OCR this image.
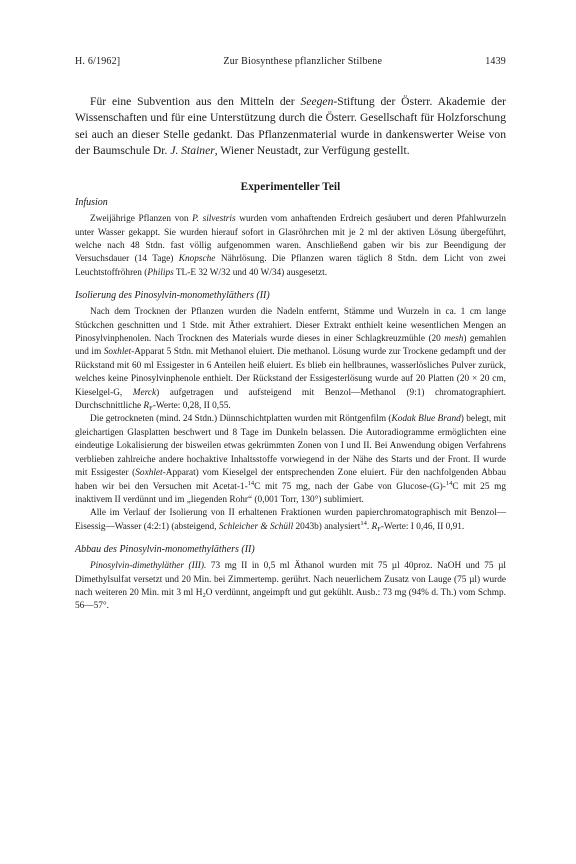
H. 6/1962]	Zur Biosynthese pflanzlicher Stilbene	1439

Für eine Subvention aus den Mitteln der Seegen-Stiftung der Österr. Akademie der Wissenschaften und für eine Unterstützung durch die Österr. Gesellschaft für Holzforschung sei auch an dieser Stelle gedankt. Das Pflanzenmaterial wurde in dankenswerter Weise von der Baumschule Dr. J. Stainer, Wiener Neustadt, zur Verfügung gestellt.

Experimenteller Teil
Infusion

Zweijährige Pflanzen von P. silvestris wurden vom anhaftenden Erdreich gesäubert und deren Pfahlwurzeln unter Wasser gekappt. Sie wurden hierauf sofort in Glasröhrchen mit je 2 ml der aktiven Lösung übergeführt, welche nach 48 Stdn. fast völlig aufgenommen waren. Anschließend gaben wir bis zur Beendigung der Versuchsdauer (14 Tage) Knopsche Nährlösung. Die Pflanzen waren täglich 8 Stdn. dem Licht von zwei Leuchtstoffröhren (Philips TL-E 32 W/32 und 40 W/34) ausgesetzt.

Isolierung des Pinosylvin-monomethyläthers (II)

Nach dem Trocknen der Pflanzen wurden die Nadeln entfernt, Stämme und Wurzeln in ca. 1 cm lange Stückchen geschnitten und 1 Stde. mit Äther extrahiert. Dieser Extrakt enthielt keine wesentlichen Mengen an Pinosylvinphenolen. Nach Trocknen des Materials wurde dieses in einer Schlagkreuzmühle (20 mesh) gemahlen und im Soxhlet-Apparat 5 Stdn. mit Methanol eluiert. Die methanol. Lösung wurde zur Trockene gedampft und der Rückstand mit 60 ml Essigester in 6 Anteilen heiß eluiert. Es blieb ein hellbraunes, wasserlösliches Pulver zurück, welches keine Pinosylvinphenole enthielt. Der Rückstand der Essigesterlösung wurde auf 20 Platten (20 × 20 cm, Kieselgel-G, Merck) aufgetragen und aufsteigend mit Benzol—Methanol (9:1) chromatographiert. Durchschnittliche $R_F$-Werte: 0,28, II 0,55.

Die getrockneten (mind. 24 Stdn.) Dünnschichtplatten wurden mit Röntgenfilm (Kodak Blue Brand) belegt, mit gleichartigen Glasplatten beschwert und 8 Tage im Dunkeln belassen. Die Autoradiogramme ermöglichten eine eindeutige Lokalisierung der bisweilen etwas gekrümmten Zonen von I und II. Bei Anwendung obigen Verfahrens verblieben zahlreiche andere hochaktive Inhaltsstoffe vorwiegend in der Nähe des Starts und der Front. II wurde mit Essigester (Soxhlet-Apparat) vom Kieselgel der entsprechenden Zone eluiert. Für den nachfolgenden Abbau haben wir bei den Versuchen mit Acetat-1-$^{14}$C mit 75 mg, nach der Gabe von Glucose-(G)-$^{14}$C mit 25 mg inaktivem II verdünnt und im „liegenden Rohr“ (0,001 Torr, 130°) sublimiert.

Alle im Verlauf der Isolierung von II erhaltenen Fraktionen wurden papierchromatographisch mit Benzol—Eisessig—Wasser (4:2:1) (absteigend, Schleicher & Schüll 2043b) analysiert$^{14}$. $R_F$-Werte: I 0,46, II 0,91.

Abbau des Pinosylvin-monomethyläthers (II)

Pinosylvin-dimethyläther (III). 73 mg II in 0,5 ml Äthanol wurden mit 75 µl 40proz. NaOH und 75 µl Dimethylsulfat versetzt und 20 Min. bei Zimmertemp. gerührt. Nach neuerlichem Zusatz von Lauge (75 µl) wurde nach weiteren 20 Min. mit 3 ml $H_2O$ verdünnt, angeimpft und gut gekühlt. Ausb.: 73 mg (94% d. Th.) vom Schmp. 56—57°.
